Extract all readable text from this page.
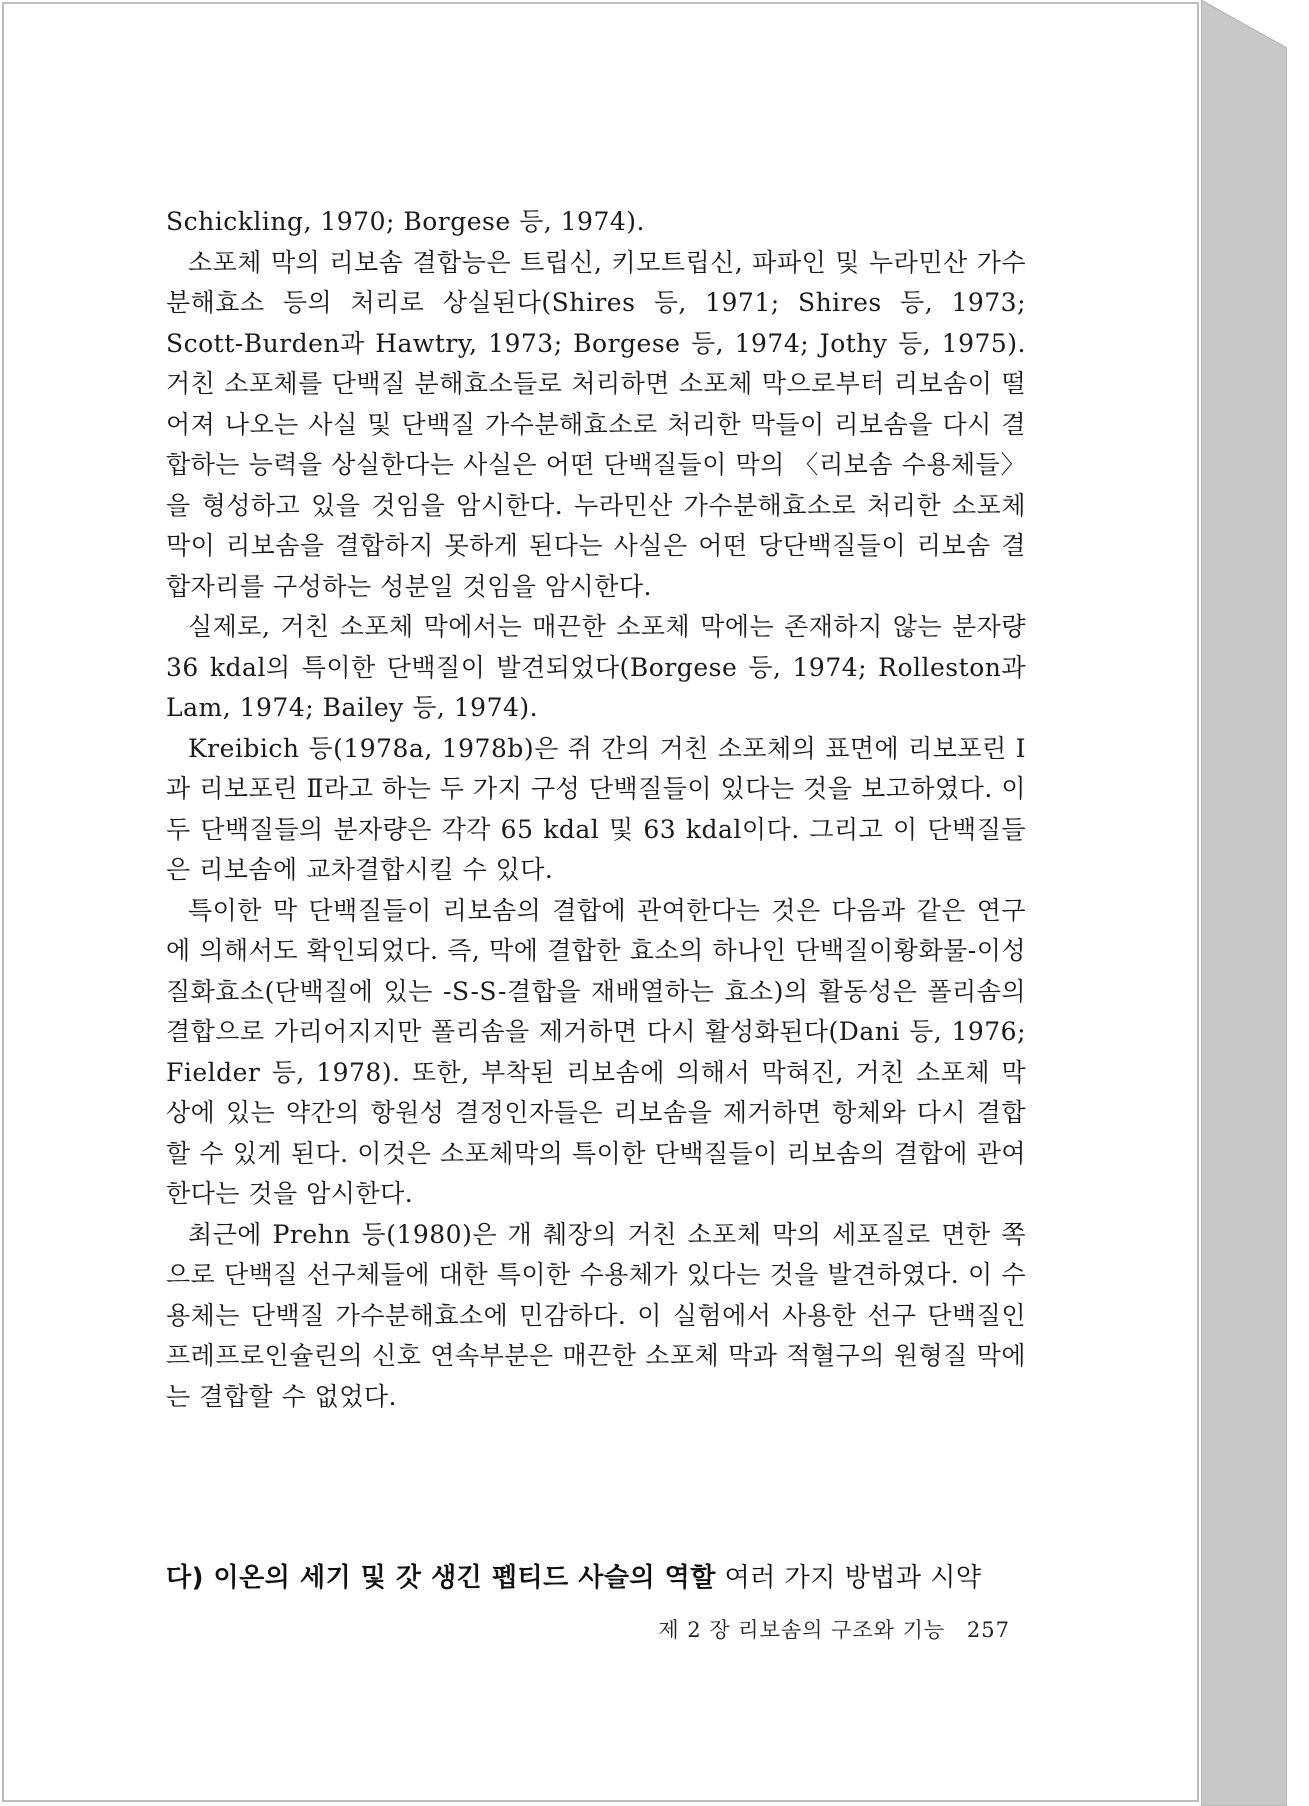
Schickling, 1970; Borgese 등, 1974).

소포체 막의 리보솜 결합능은 트립신, 키모트립신, 파파인 및 누라민산 가수분해효소 등의 처리로 상실된다(Shires 등, 1971; Shires 등, 1973; Scott-Burden과 Hawtry, 1973; Borgese 등, 1974; Jothy 등, 1975). 거친 소포체를 단백질 분해효소들로 처리하면 소포체 막으로부터 리보솜이 떨어져 나오는 사실 및 단백질 가수분해효소로 처리한 막들이 리보솜을 다시 결합하는 능력을 상실한다는 사실은 어떤 단백질들이 막의 〈리보솜 수용체들〉을 형성하고 있을 것임을 암시한다. 누라민산 가수분해효소로 처리한 소포체 막이 리보솜을 결합하지 못하게 된다는 사실은 어떤 당단백질들이 리보솜 결합자리를 구성하는 성분일 것임을 암시한다.

실제로, 거친 소포체 막에서는 매끈한 소포체 막에는 존재하지 않는 분자량 36 kdal의 특이한 단백질이 발견되었다(Borgese 등, 1974; Rolleston과 Lam, 1974; Bailey 등, 1974).

Kreibich 등(1978a, 1978b)은 쥐 간의 거친 소포체의 표면에 리보포린 Ⅰ과 리보포린 Ⅱ라고 하는 두 가지 구성 단백질들이 있다는 것을 보고하였다. 이 두 단백질들의 분자량은 각각 65 kdal 및 63 kdal이다. 그리고 이 단백질들은 리보솜에 교차결합시킬 수 있다.

특이한 막 단백질들이 리보솜의 결합에 관여한다는 것은 다음과 같은 연구에 의해서도 확인되었다. 즉, 막에 결합한 효소의 하나인 단백질이황화물-이성질화효소(단백질에 있는 -S-S-결합을 재배열하는 효소)의 활동성은 폴리솜의 결합으로 가리어지지만 폴리솜을 제거하면 다시 활성화된다(Dani 등, 1976; Fielder 등, 1978). 또한, 부착된 리보솜에 의해서 막혀진, 거친 소포체 막 상에 있는 약간의 항원성 결정인자들은 리보솜을 제거하면 항체와 다시 결합할 수 있게 된다. 이것은 소포체막의 특이한 단백질들이 리보솜의 결합에 관여한다는 것을 암시한다.

최근에 Prehn 등(1980)은 개 췌장의 거친 소포체 막의 세포질로 면한 쪽으로 단백질 선구체들에 대한 특이한 수용체가 있다는 것을 발견하였다. 이 수용체는 단백질 가수분해효소에 민감하다. 이 실험에서 사용한 선구 단백질인 프레프로인슐린의 신호 연속부분은 매끈한 소포체 막과 적혈구의 원형질 막에는 결합할 수 없었다.

다) 이온의 세기 및 갓 생긴 펩티드 사슬의 역할 여러 가지 방법과 시약
제 2 장 리보솜의 구조와 기능 257
